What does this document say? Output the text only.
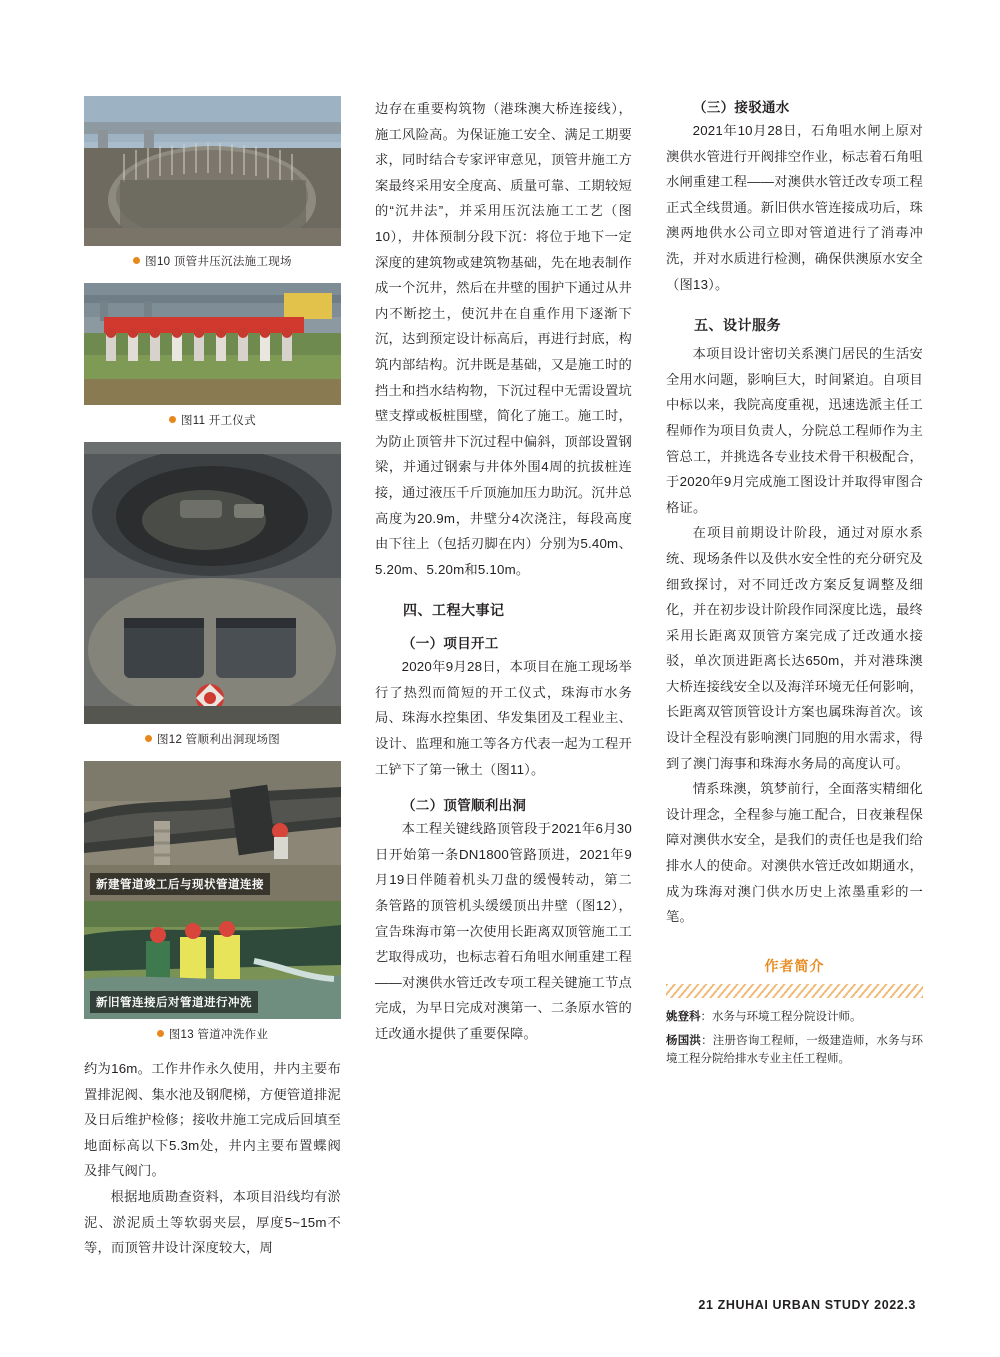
图10 顶管井压沉法施工现场
图11 开工仪式
图12 管顺利出洞现场图
新建管道竣工后与现状管道连接
新旧管连接后对管道进行冲洗
图13 管道冲洗作业

约为16m。工作井作永久使用，井内主要布置排泥阀、集水池及钢爬梯，方便管道排泥及日后维护检修；接收井施工完成后回填至地面标高以下5.3m处，井内主要布置蝶阀及排气阀门。

根据地质勘查资料，本项目沿线均有淤泥、淤泥质土等软弱夹层，厚度5~15m不等，而顶管井设计深度较大，周

边存在重要构筑物（港珠澳大桥连接线），施工风险高。为保证施工安全、满足工期要求，同时结合专家评审意见，顶管井施工方案最终采用安全度高、质量可靠、工期较短的“沉井法”，并采用压沉法施工工艺（图10），井体预制分段下沉：将位于地下一定深度的建筑物或建筑物基础，先在地表制作成一个沉井，然后在井壁的围护下通过从井内不断挖土，使沉井在自重作用下逐渐下沉，达到预定设计标高后，再进行封底，构筑内部结构。沉井既是基础，又是施工时的挡土和挡水结构物，下沉过程中无需设置坑壁支撑或板桩围壁，简化了施工。施工时，为防止顶管井下沉过程中偏斜，顶部设置钢梁，并通过钢索与井体外围4周的抗拔桩连接，通过液压千斤顶施加压力助沉。沉井总高度为20.9m，井壁分4次浇注，每段高度由下往上（包括刃脚在内）分别为5.40m、5.20m、5.20m和5.10m。

四、工程大事记
（一）项目开工

2020年9月28日，本项目在施工现场举行了热烈而简短的开工仪式，珠海市水务局、珠海水控集团、华发集团及工程业主、设计、监理和施工等各方代表一起为工程开工铲下了第一锹土（图11）。

（二）顶管顺利出洞

本工程关键线路顶管段于2021年6月30日开始第一条DN1800管路顶进，2021年9月19日伴随着机头刀盘的缓慢转动，第二条管路的顶管机头缓缓顶出井壁（图12），宣告珠海市第一次使用长距离双顶管施工工艺取得成功，也标志着石角咀水闸重建工程——对澳供水管迁改专项工程关键施工节点完成，为早日完成对澳第一、二条原水管的迁改通水提供了重要保障。

（三）接驳通水

2021年10月28日，石角咀水闸上原对澳供水管进行开阀排空作业，标志着石角咀水闸重建工程——对澳供水管迁改专项工程正式全线贯通。新旧供水管连接成功后，珠澳两地供水公司立即对管道进行了消毒冲洗，并对水质进行检测，确保供澳原水安全（图13）。

五、设计服务

本项目设计密切关系澳门居民的生活安全用水问题，影响巨大，时间紧迫。自项目中标以来，我院高度重视，迅速选派主任工程师作为项目负责人，分院总工程师作为主管总工，并挑选各专业技术骨干积极配合，于2020年9月完成施工图设计并取得审图合格证。

在项目前期设计阶段，通过对原水系统、现场条件以及供水安全性的充分研究及细致探讨，对不同迁改方案反复调整及细化，并在初步设计阶段作同深度比选，最终采用长距离双顶管方案完成了迁改通水接驳，单次顶进距离长达650m，并对港珠澳大桥连接线安全以及海洋环境无任何影响，长距离双管顶管设计方案也属珠海首次。该设计全程没有影响澳门同胞的用水需求，得到了澳门海事和珠海水务局的高度认可。

情系珠澳，筑梦前行，全面落实精细化设计理念，全程参与施工配合，日夜兼程保障对澳供水安全，是我们的责任也是我们给排水人的使命。对澳供水管迁改如期通水，成为珠海对澳门供水历史上浓墨重彩的一笔。

作者简介
姚登科：水务与环境工程分院设计师。
杨国洪：注册咨询工程师，一级建造师，水务与环境工程分院给排水专业主任工程师。
21 ZHUHAI URBAN STUDY 2022.3
